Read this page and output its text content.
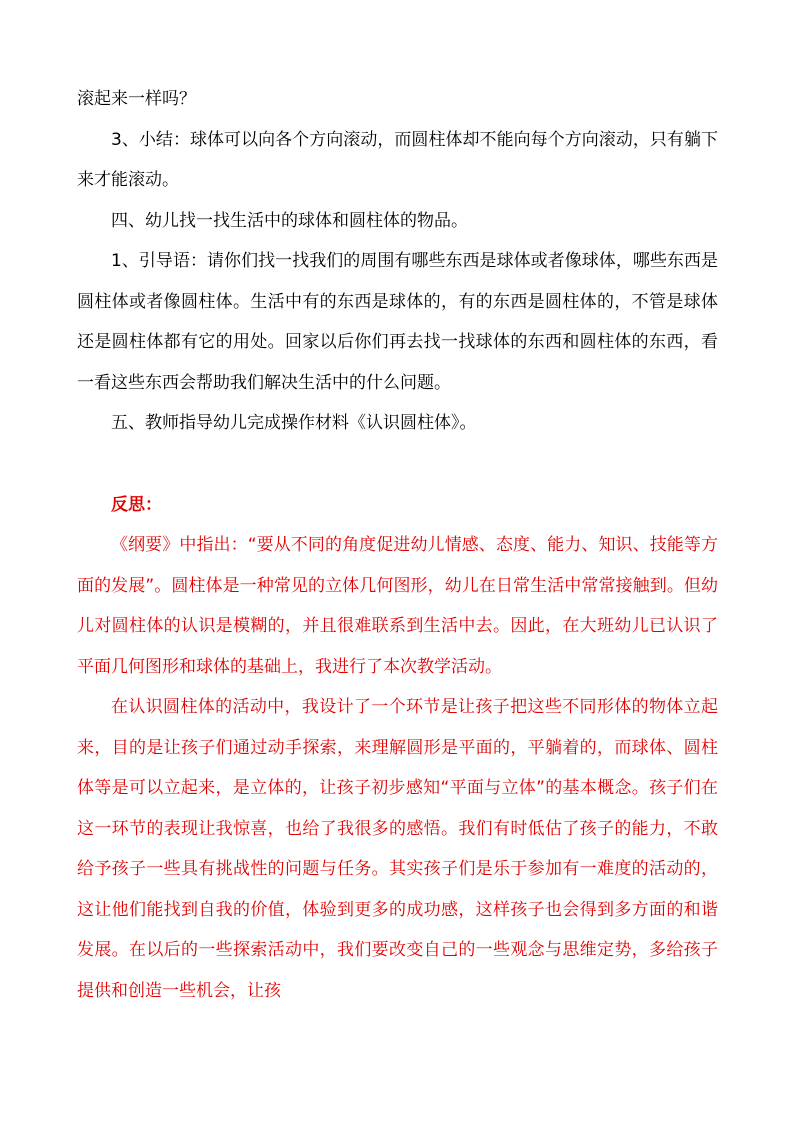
滚起来一样吗？

3、小结：球体可以向各个方向滚动，而圆柱体却不能向每个方向滚动，只有躺下来才能滚动。

四、幼儿找一找生活中的球体和圆柱体的物品。

1、引导语：请你们找一找我们的周围有哪些东西是球体或者像球体，哪些东西是圆柱体或者像圆柱体。生活中有的东西是球体的，有的东西是圆柱体的，不管是球体还是圆柱体都有它的用处。回家以后你们再去找一找球体的东西和圆柱体的东西，看一看这些东西会帮助我们解决生活中的什么问题。

五、教师指导幼儿完成操作材料《认识圆柱体》。

反思：

《纲要》中指出：“要从不同的角度促进幼儿情感、态度、能力、知识、技能等方面的发展”。圆柱体是一种常见的立体几何图形，幼儿在日常生活中常常接触到。但幼儿对圆柱体的认识是模糊的，并且很难联系到生活中去。因此，在大班幼儿已认识了平面几何图形和球体的基础上，我进行了本次教学活动。

在认识圆柱体的活动中，我设计了一个环节是让孩子把这些不同形体的物体立起来，目的是让孩子们通过动手探索，来理解圆形是平面的，平躺着的，而球体、圆柱体等是可以立起来，是立体的，让孩子初步感知“平面与立体”的基本概念。孩子们在这一环节的表现让我惊喜，也给了我很多的感悟。我们有时低估了孩子的能力，不敢给予孩子一些具有挑战性的问题与任务。其实孩子们是乐于参加有一难度的活动的，这让他们能找到自我的价值，体验到更多的成功感，这样孩子也会得到多方面的和谐发展。在以后的一些探索活动中，我们要改变自己的一些观念与思维定势，多给孩子提供和创造一些机会，让孩
